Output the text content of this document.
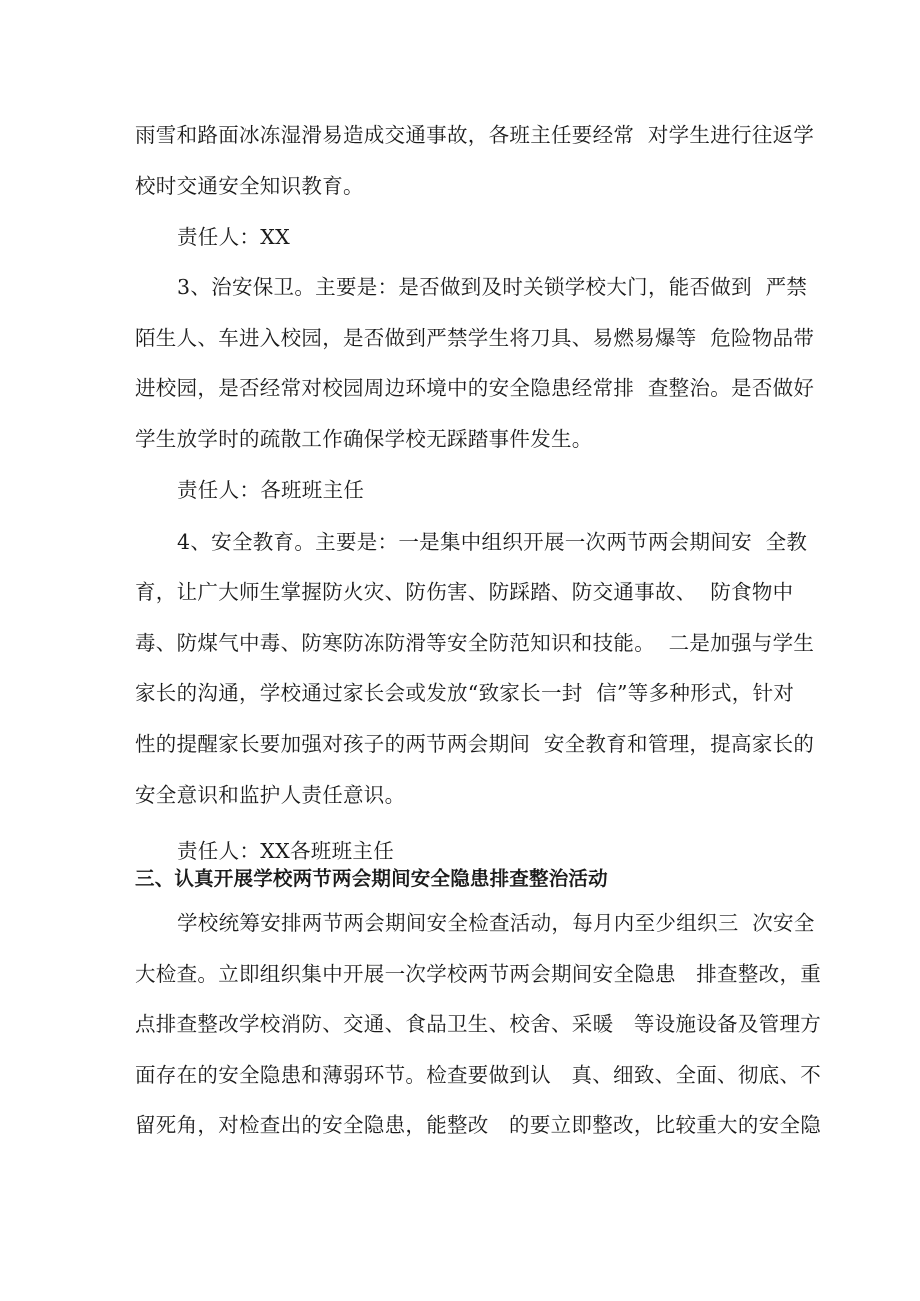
雨雪和路面冰冻湿滑易造成交通事故，各班主任要经常  对学生进行往返学
校时交通安全知识教育。
责任人：XX
3、治安保卫。主要是：是否做到及时关锁学校大门，能否做到  严禁
陌生人、车进入校园，是否做到严禁学生将刀具、易燃易爆等  危险物品带
进校园，是否经常对校园周边环境中的安全隐患经常排  查整治。是否做好
学生放学时的疏散工作确保学校无踩踏事件发生。
责任人：各班班主任
4、安全教育。主要是：一是集中组织开展一次两节两会期间安  全教
育，让广大师生掌握防火灾、防伤害、防踩踏、防交通事故、  防食物中
毒、防煤气中毒、防寒防冻防滑等安全防范知识和技能。  二是加强与学生
家长的沟通，学校通过家长会或发放“致家长一封  信”等多种形式，针对
性的提醒家长要加强对孩子的两节两会期间  安全教育和管理，提高家长的
安全意识和监护人责任意识。
责任人：XX各班班主任
三、认真开展学校两节两会期间安全隐患排查整治活动
学校统筹安排两节两会期间安全检查活动，每月内至少组织三  次安全
大检查。立即组织集中开展一次学校两节两会期间安全隐患   排查整改，重
点排查整改学校消防、交通、食品卫生、校舍、采暖   等设施设备及管理方
面存在的安全隐患和薄弱环节。检查要做到认   真、细致、全面、彻底、不
留死角，对检查出的安全隐患，能整改   的要立即整改，比较重大的安全隐
